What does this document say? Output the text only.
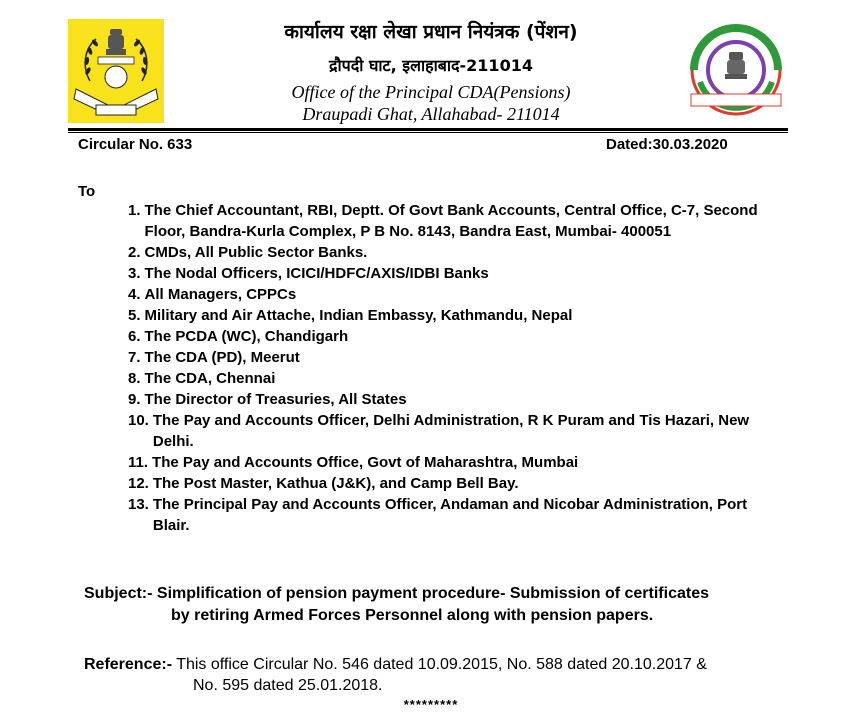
कार्यालय रक्षा लेखा प्रधान नियंत्रक (पेंशन)
द्रौपदी घाट, इलाहाबाद-211014
Office of the Principal CDA(Pensions)
Draupadi Ghat, Allahabad- 211014
Circular No. 633	Dated:30.03.2020
To
1. The Chief Accountant, RBI, Deptt. Of Govt Bank Accounts, Central Office, C-7, Second Floor, Bandra-Kurla Complex, P B No. 8143, Bandra East, Mumbai- 400051
2. CMDs, All Public Sector Banks.
3. The Nodal Officers, ICICI/HDFC/AXIS/IDBI Banks
4. All Managers, CPPCs
5. Military and Air Attache, Indian Embassy, Kathmandu, Nepal
6. The PCDA (WC), Chandigarh
7. The CDA (PD), Meerut
8. The CDA, Chennai
9. The Director of Treasuries, All States
10. The Pay and Accounts Officer, Delhi Administration, R K Puram and Tis Hazari, New Delhi.
11. The Pay and Accounts Office, Govt of Maharashtra, Mumbai
12. The Post Master, Kathua (J&K), and Camp Bell Bay.
13. The Principal Pay and Accounts Officer, Andaman and Nicobar Administration, Port Blair.
Subject:- Simplification of pension payment procedure- Submission of certificates
by retiring Armed Forces Personnel along with pension papers.
Reference:- This office Circular No. 546 dated 10.09.2015, No. 588 dated 20.10.2017 &
No. 595 dated 25.01.2018.
*********
